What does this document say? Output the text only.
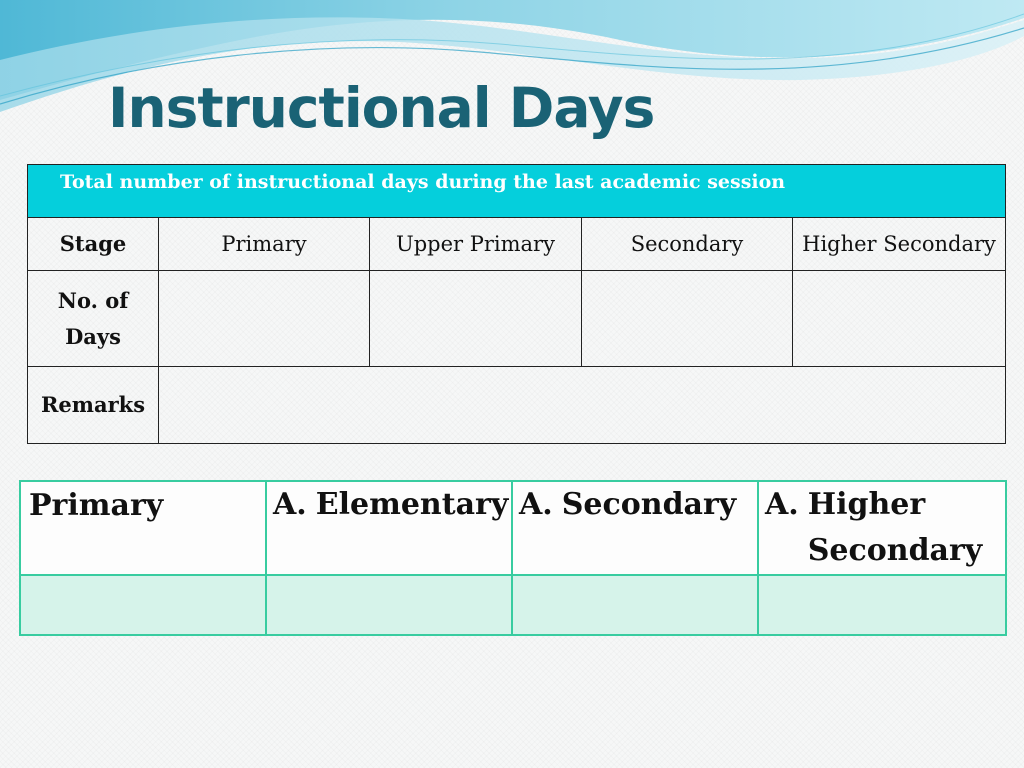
Instructional Days
Total number of instructional days during the last academic session				

Stage	Primary	Upper Primary	Secondary	Higher Secondary

No. of
Days				

Remarks				
Primary	A. Elementary	A. Secondary	A. Higher Secondary
